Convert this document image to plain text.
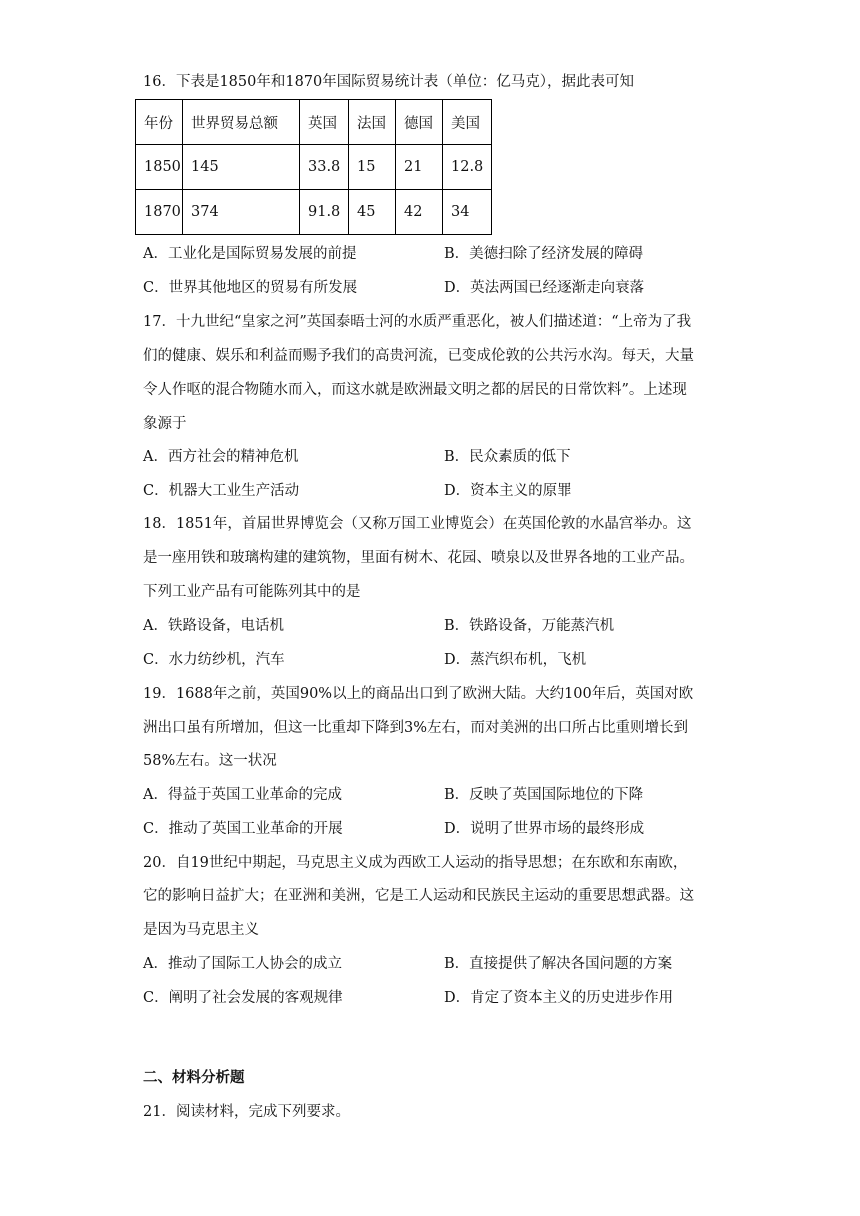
16．下表是1850年和1870年国际贸易统计表（单位：亿马克），据此表可知
年份	世界贸易总额	英国	法国	德国	美国
1850	145	33.8	15	21	12.8
1870	374	91.8	45	42	34
A．工业化是国际贸易发展的前提	B．美德扫除了经济发展的障碍
C．世界其他地区的贸易有所发展	D．英法两国已经逐渐走向衰落
17．十九世纪“皇家之河”英国泰晤士河的水质严重恶化，被人们描述道：“上帝为了我
们的健康、娱乐和利益而赐予我们的高贵河流，已变成伦敦的公共污水沟。每天，大量
令人作呕的混合物随水而入，而这水就是欧洲最文明之都的居民的日常饮料”。上述现
象源于
A．西方社会的精神危机	B．民众素质的低下
C．机器大工业生产活动	D．资本主义的原罪
18．1851年，首届世界博览会（又称万国工业博览会）在英国伦敦的水晶宫举办。这
是一座用铁和玻璃构建的建筑物，里面有树木、花园、喷泉以及世界各地的工业产品。
下列工业产品有可能陈列其中的是
A．铁路设备，电话机	B．铁路设备，万能蒸汽机
C．水力纺纱机，汽车	D．蒸汽织布机，飞机
19．1688年之前，英国90%以上的商品出口到了欧洲大陆。大约100年后，英国对欧
洲出口虽有所增加，但这一比重却下降到3%左右，而对美洲的出口所占比重则增长到
58%左右。这一状况
A．得益于英国工业革命的完成	B．反映了英国国际地位的下降
C．推动了英国工业革命的开展	D．说明了世界市场的最终形成
20．自19世纪中期起，马克思主义成为西欧工人运动的指导思想；在东欧和东南欧，
它的影响日益扩大；在亚洲和美洲，它是工人运动和民族民主运动的重要思想武器。这
是因为马克思主义
A．推动了国际工人协会的成立	B．直接提供了解决各国问题的方案
C．阐明了社会发展的客观规律	D．肯定了资本主义的历史进步作用
二、材料分析题
21．阅读材料，完成下列要求。
